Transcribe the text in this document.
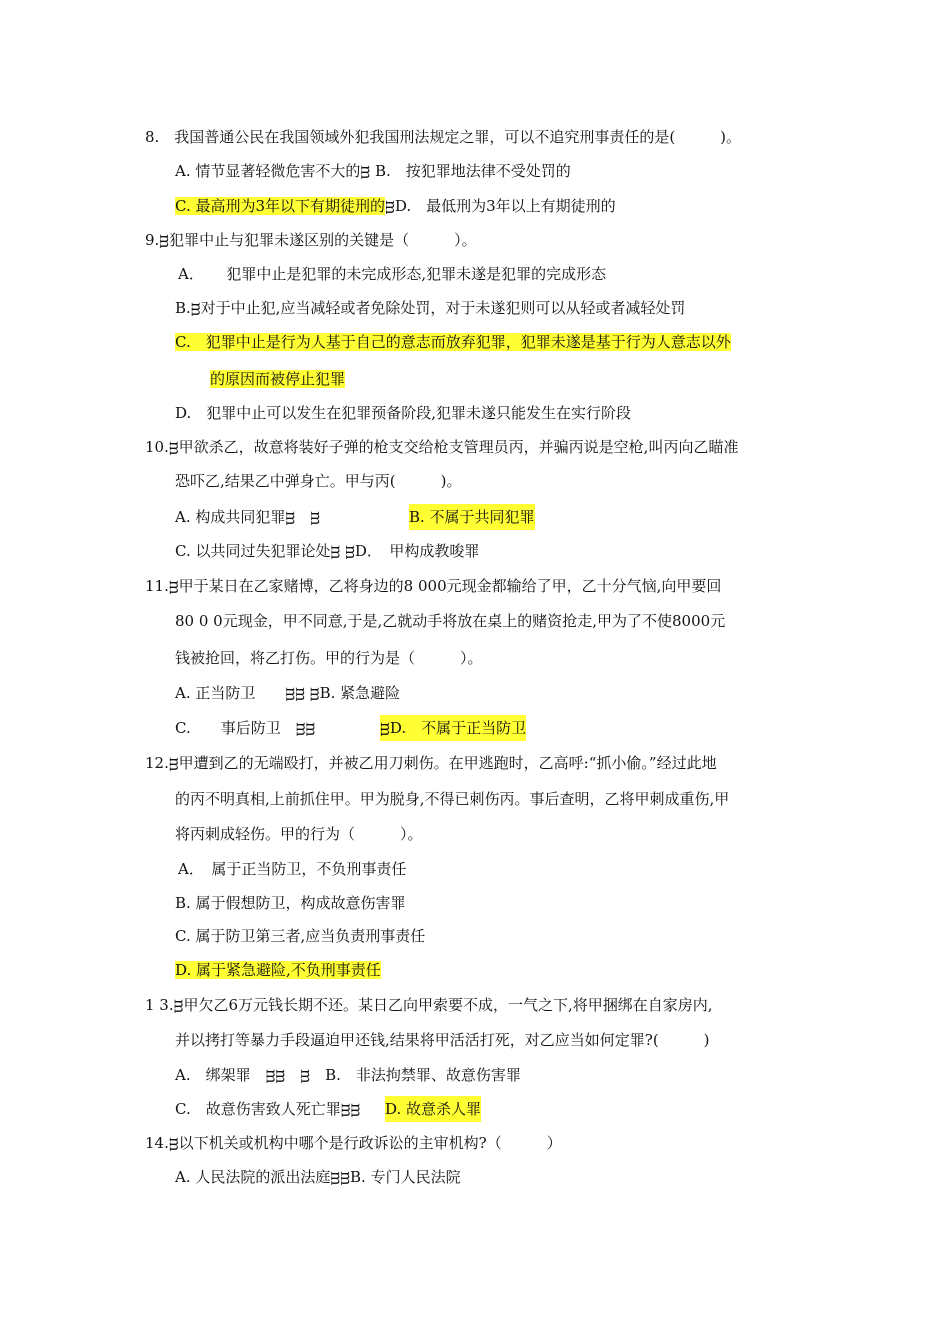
8.　我国普通公民在我国领域外犯我国刑法规定之罪，可以不追究刑事责任的是(　　　)。
A. 情节显著轻微危害不大的ᴟ B.　按犯罪地法律不受处罚的
C. 最高刑为3年以下有期徒刑的ᴟD.　最低刑为3年以上有期徒刑的
9.ᴟ犯罪中止与犯罪未遂区别的关键是（　　　）。
A．　　犯罪中止是犯罪的未完成形态,犯罪未遂是犯罪的完成形态
B.ᴟ对于中止犯,应当减轻或者免除处罚，对于未遂犯则可以从轻或者减轻处罚
C.　犯罪中止是行为人基于自己的意志而放弃犯罪，犯罪未遂是基于行为人意志以外
的原因而被停止犯罪
D.　犯罪中止可以发生在犯罪预备阶段,犯罪未遂只能发生在实行阶段
10.ᴟ甲欲杀乙，故意将装好子弹的枪支交给枪支管理员丙，并骗丙说是空枪,叫丙向乙瞄准
恐吓乙,结果乙中弹身亡。甲与丙(　　　)。
A. 构成共同犯罪ᴟ　ᴟ	B. 不属于共同犯罪
C. 以共同过失犯罪论处ᴟ ᴟD．　甲构成教唆罪
11.ᴟ甲于某日在乙家赌博，乙将身边的8 000元现金都输给了甲，乙十分气恼,向甲要回
80 0 0元现金，甲不同意,于是,乙就动手将放在桌上的赌资抢走,甲为了不使8000元
钱被抢回，将乙打伤。甲的行为是（　　　）。
A. 正当防卫　　ᴟᴟ ᴟB. 紧急避险
C.　　事后防卫　ᴟᴟ	ᴟD.　不属于正当防卫
12.ᴟ甲遭到乙的无端殴打，并被乙用刀刺伤。在甲逃跑时，乙高呼:“抓小偷。”经过此地
的丙不明真相,上前抓住甲。甲为脱身,不得已刺伤丙。事后查明，乙将甲刺成重伤,甲
将丙刺成轻伤。甲的行为（　　　）。
A．　属于正当防卫，不负刑事责任
B. 属于假想防卫，构成故意伤害罪
C. 属于防卫第三者,应当负责刑事责任
D. 属于紧急避险,不负刑事责任
1 3.ᴟ甲欠乙6万元钱长期不还。某日乙向甲索要不成，一气之下,将甲捆绑在自家房内,
并以拷打等暴力手段逼迫甲还钱,结果将甲活活打死，对乙应当如何定罪?(　　　)
A.　绑架罪　ᴟᴟ　ᴟ　B.　非法拘禁罪、故意伤害罪
C.　故意伤害致人死亡罪ᴟᴟ D. 故意杀人罪
14.ᴟ以下机关或机构中哪个是行政诉讼的主审机构?（　　　）
A. 人民法院的派出法庭ᴟᴟB. 专门人民法院
